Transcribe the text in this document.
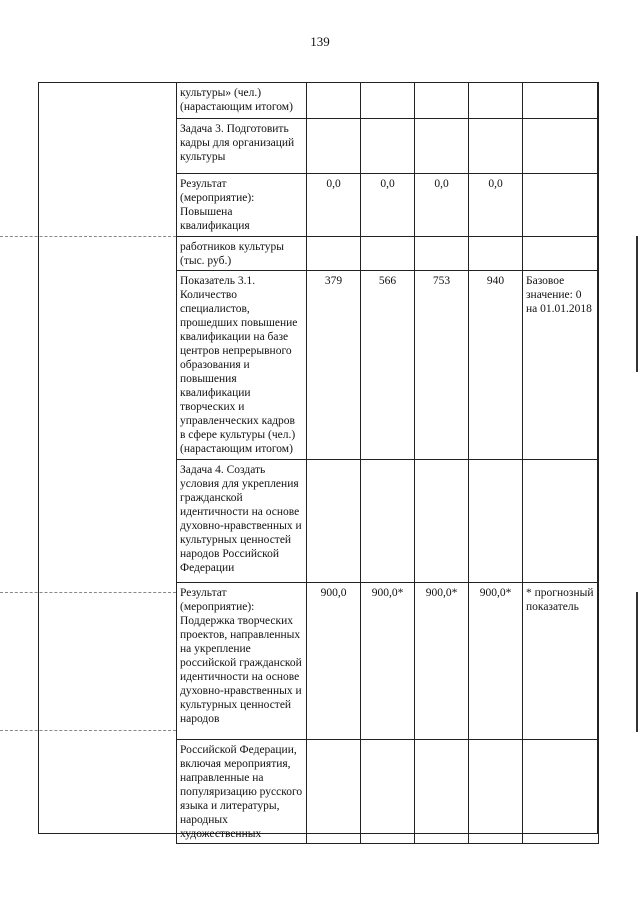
139
культуры» (чел.)
(нарастающим итогом)					

Задача 3. Подготовить кадры для организаций культуры					

Результат (мероприятие): Повышена квалификация	0,0	0,0	0,0	0,0	

работников культуры (тыс. руб.)					

Показатель 3.1. Количество специалистов, прошедших повышение квалификации на базе центров непрерывного образования и повышения квалификации творческих и управленческих кадров в сфере культуры (чел.) (нарастающим итогом)	379	566	753	940	Базовое значение: 0 на 01.01.2018

Задача 4. Создать условия для укрепления гражданской идентичности на основе духовно-нравственных и культурных ценностей народов Российской Федерации					

Результат (мероприятие): Поддержка творческих проектов, направленных на укрепление российской гражданской идентичности на основе духовно-нравственных и культурных ценностей народов	900,0	900,0*	900,0*	900,0*	* прогнозный показатель

Российской Федерации, включая мероприятия, направленные на популяризацию русского языка и литературы, народных художественных					
